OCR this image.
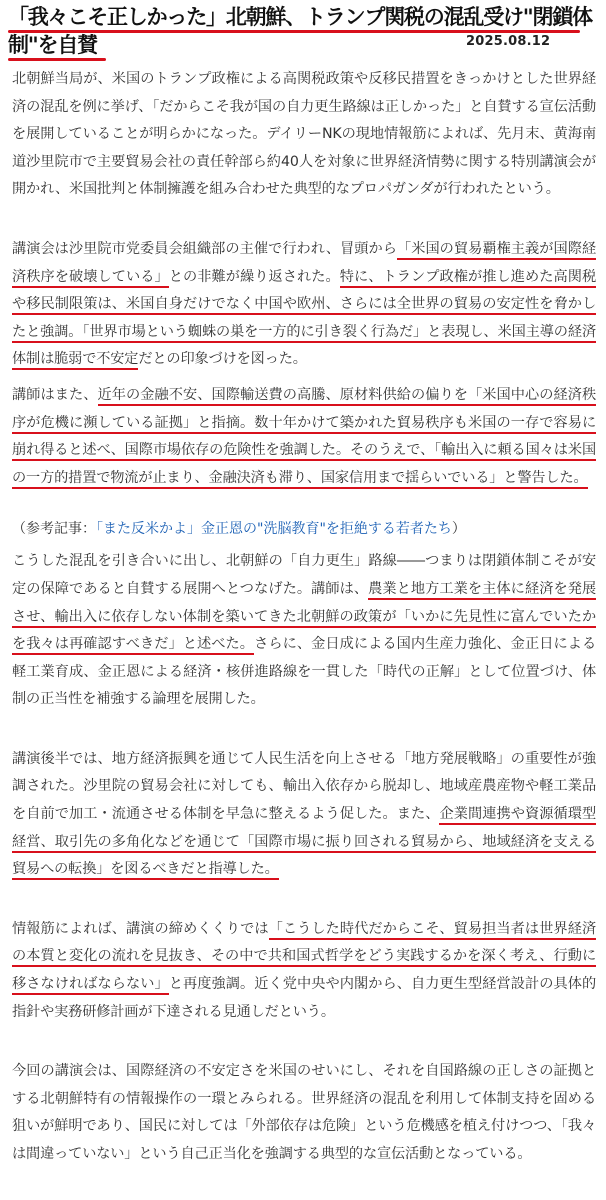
「我々こそ正しかった」北朝鮮、トランプ関税の混乱受け"閉鎖体制"を自賛	2025.08.12

北朝鮮当局が、米国のトランプ政権による高関税政策や反移民措置をきっかけとした世界経済の混乱を例に挙げ、「だからこそ我が国の自力更生路線は正しかった」と自賛する宣伝活動を展開していることが明らかになった。デイリーNKの現地情報筋によれば、先月末、黄海南道沙里院市で主要貿易会社の責任幹部ら約40人を対象に世界経済情勢に関する特別講演会が開かれ、米国批判と体制擁護を組み合わせた典型的なプロパガンダが行われたという。

講演会は沙里院市党委員会組織部の主催で行われ、冒頭から「米国の貿易覇権主義が国際経済秩序を破壊している」との非難が繰り返された。特に、トランプ政権が推し進めた高関税や移民制限策は、米国自身だけでなく中国や欧州、さらには全世界の貿易の安定性を脅かしたと強調。「世界市場という蜘蛛の巣を一方的に引き裂く行為だ」と表現し、米国主導の経済体制は脆弱で不安定だとの印象づけを図った。

講師はまた、近年の金融不安、国際輸送費の高騰、原材料供給の偏りを「米国中心の経済秩序が危機に瀕している証拠」と指摘。数十年かけて築かれた貿易秩序も米国の一存で容易に崩れ得ると述べ、国際市場依存の危険性を強調した。そのうえで、「輸出入に頼る国々は米国の一方的措置で物流が止まり、金融決済も滞り、国家信用まで揺らいでいる」と警告した。

（参考記事：「また反米かよ」金正恩の"洗脳教育"を拒絶する若者たち）

こうした混乱を引き合いに出し、北朝鮮の「自力更生」路線――つまりは閉鎖体制こそが安定の保障であると自賛する展開へとつなげた。講師は、農業と地方工業を主体に経済を発展させ、輸出入に依存しない体制を築いてきた北朝鮮の政策が「いかに先見性に富んでいたかを我々は再確認すべきだ」と述べた。さらに、金日成による国内生産力強化、金正日による軽工業育成、金正恩による経済・核併進路線を一貫した「時代の正解」として位置づけ、体制の正当性を補強する論理を展開した。

講演後半では、地方経済振興を通じて人民生活を向上させる「地方発展戦略」の重要性が強調された。沙里院の貿易会社に対しても、輸出入依存から脱却し、地域産農産物や軽工業品を自前で加工・流通させる体制を早急に整えるよう促した。また、企業間連携や資源循環型経営、取引先の多角化などを通じて「国際市場に振り回される貿易から、地域経済を支える貿易への転換」を図るべきだと指導した。

情報筋によれば、講演の締めくくりでは「こうした時代だからこそ、貿易担当者は世界経済の本質と変化の流れを見抜き、その中で共和国式哲学をどう実践するかを深く考え、行動に移さなければならない」と再度強調。近く党中央や内閣から、自力更生型経営設計の具体的指針や実務研修計画が下達される見通しだという。

今回の講演会は、国際経済の不安定さを米国のせいにし、それを自国路線の正しさの証拠とする北朝鮮特有の情報操作の一環とみられる。世界経済の混乱を利用して体制支持を固める狙いが鮮明であり、国民に対しては「外部依存は危険」という危機感を植え付けつつ、「我々は間違っていない」という自己正当化を強調する典型的な宣伝活動となっている。
